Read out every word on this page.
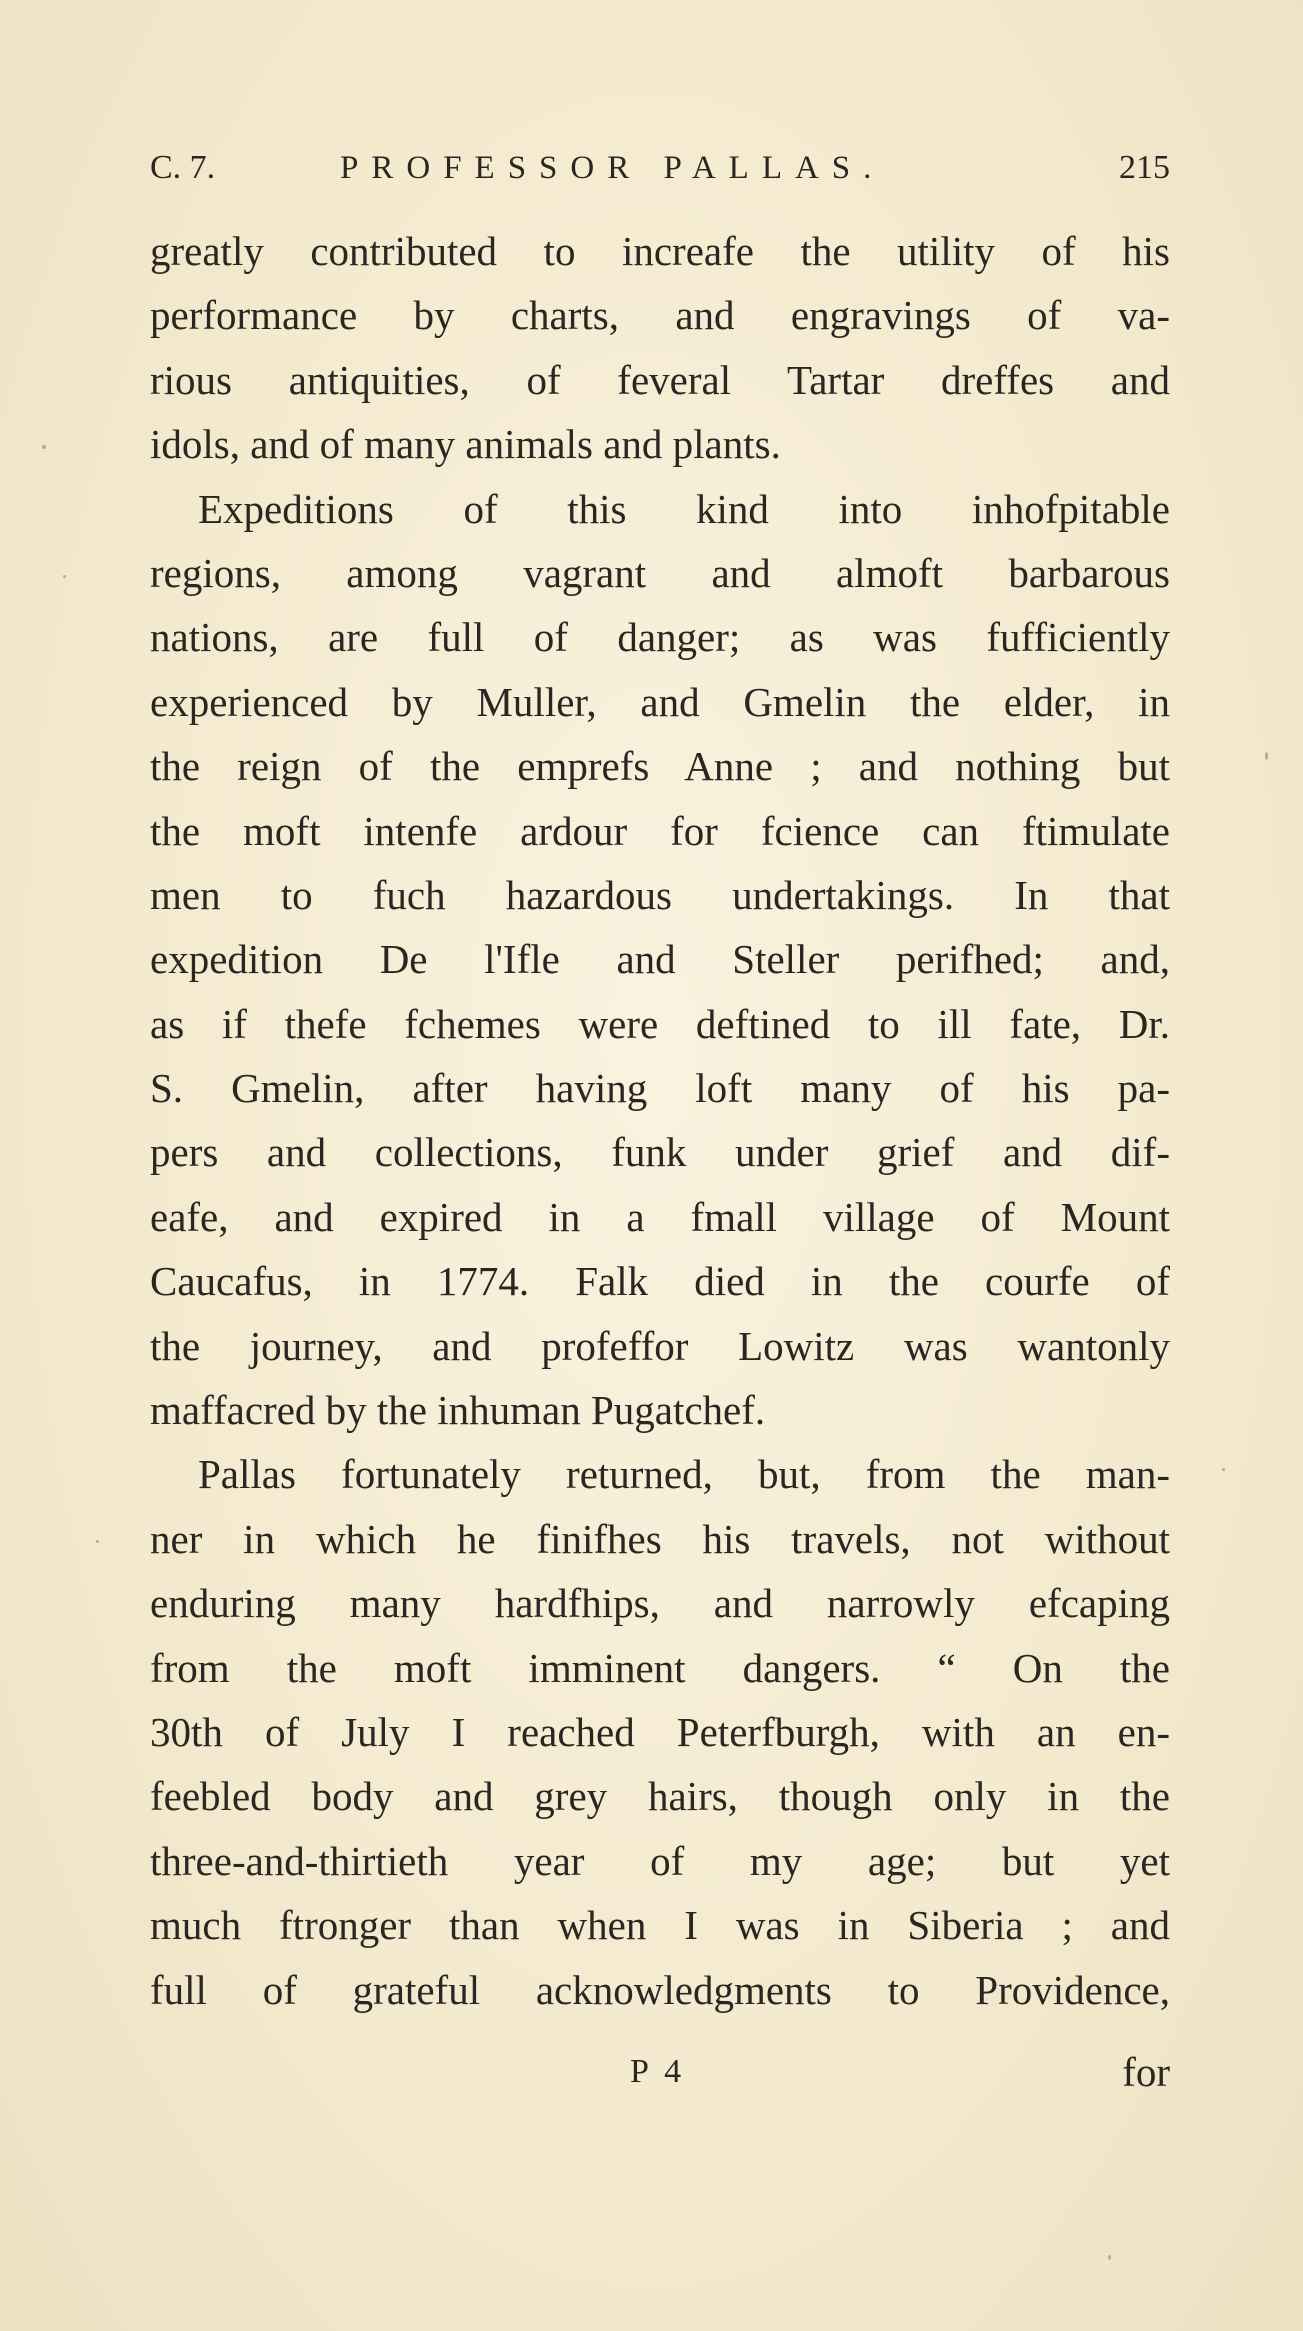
C. 7.	PROFESSOR PALLAS.	215
greatly contributed to increafe the utility of his
performance by charts, and engravings of va-
rious antiquities, of feveral Tartar dreffes and
idols, and of many animals and plants.
Expeditions of this kind into inhofpitable
regions, among vagrant and almoft barbarous
nations, are full of danger; as was fufficiently
experienced by Muller, and Gmelin the elder, in
the reign of the emprefs Anne ; and nothing but
the moft intenfe ardour for fcience can ftimulate
men to fuch hazardous undertakings. In that
expedition De l'Ifle and Steller perifhed; and,
as if thefe fchemes were deftined to ill fate, Dr.
S. Gmelin, after having loft many of his pa-
pers and collections, funk under grief and dif-
eafe, and expired in a fmall village of Mount
Caucafus, in 1774. Falk died in the courfe of
the journey, and profeffor Lowitz was wantonly
maffacred by the inhuman Pugatchef.
Pallas fortunately returned, but, from the man-
ner in which he finifhes his travels, not without
enduring many hardfhips, and narrowly efcaping
from the moft imminent dangers. “ On the
30th of July I reached Peterfburgh, with an en-
feebled body and grey hairs, though only in the
three-and-thirtieth year of my age; but yet
much ftronger than when I was in Siberia ; and
full of grateful acknowledgments to Providence,
P 4	for
